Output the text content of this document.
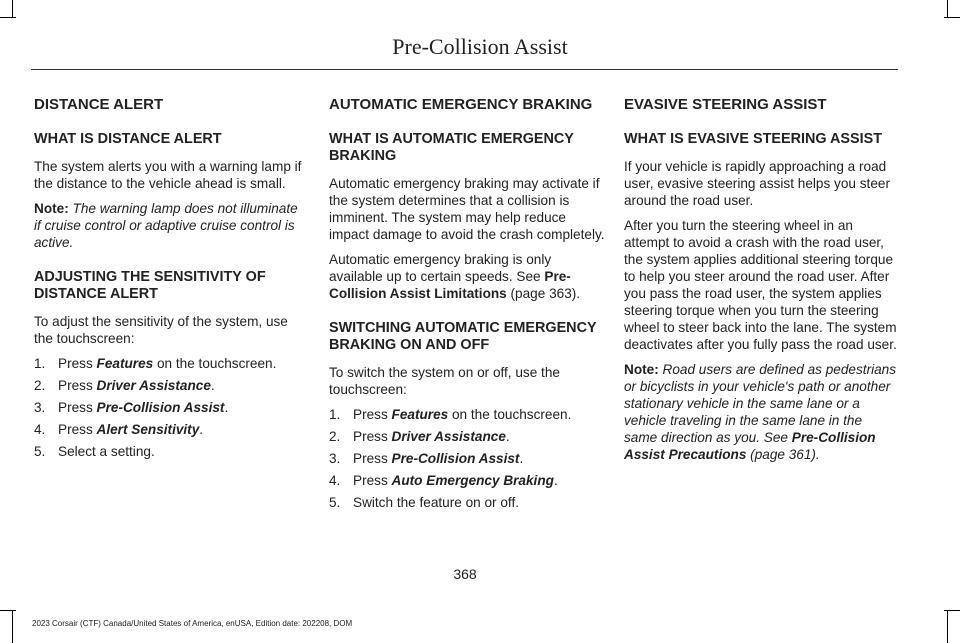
Pre-Collision Assist
DISTANCE ALERT
WHAT IS DISTANCE ALERT

The system alerts you with a warning lamp if the distance to the vehicle ahead is small.

Note: The warning lamp does not illuminate if cruise control or adaptive cruise control is active.

ADJUSTING THE SENSITIVITY OF DISTANCE ALERT

To adjust the sensitivity of the system, use the touchscreen:

1. Press Features on the touchscreen.
2. Press Driver Assistance.
3. Press Pre-Collision Assist.
4. Press Alert Sensitivity.
5. Select a setting.
AUTOMATIC EMERGENCY BRAKING
WHAT IS AUTOMATIC EMERGENCY BRAKING

Automatic emergency braking may activate if the system determines that a collision is imminent. The system may help reduce impact damage to avoid the crash completely.

Automatic emergency braking is only available up to certain speeds. See Pre-Collision Assist Limitations (page 363).

SWITCHING AUTOMATIC EMERGENCY BRAKING ON AND OFF

To switch the system on or off, use the touchscreen:

1. Press Features on the touchscreen.
2. Press Driver Assistance.
3. Press Pre-Collision Assist.
4. Press Auto Emergency Braking.
5. Switch the feature on or off.
EVASIVE STEERING ASSIST
WHAT IS EVASIVE STEERING ASSIST

If your vehicle is rapidly approaching a road user, evasive steering assist helps you steer around the road user.

After you turn the steering wheel in an attempt to avoid a crash with the road user, the system applies additional steering torque to help you steer around the road user. After you pass the road user, the system applies steering torque when you turn the steering wheel to steer back into the lane. The system deactivates after you fully pass the road user.

Note: Road users are defined as pedestrians or bicyclists in your vehicle's path or another stationary vehicle in the same lane or a vehicle traveling in the same lane in the same direction as you. See Pre-Collision Assist Precautions (page 361).

368
2023 Corsair (CTF) Canada/United States of America, enUSA, Edition date: 202208, DOM
